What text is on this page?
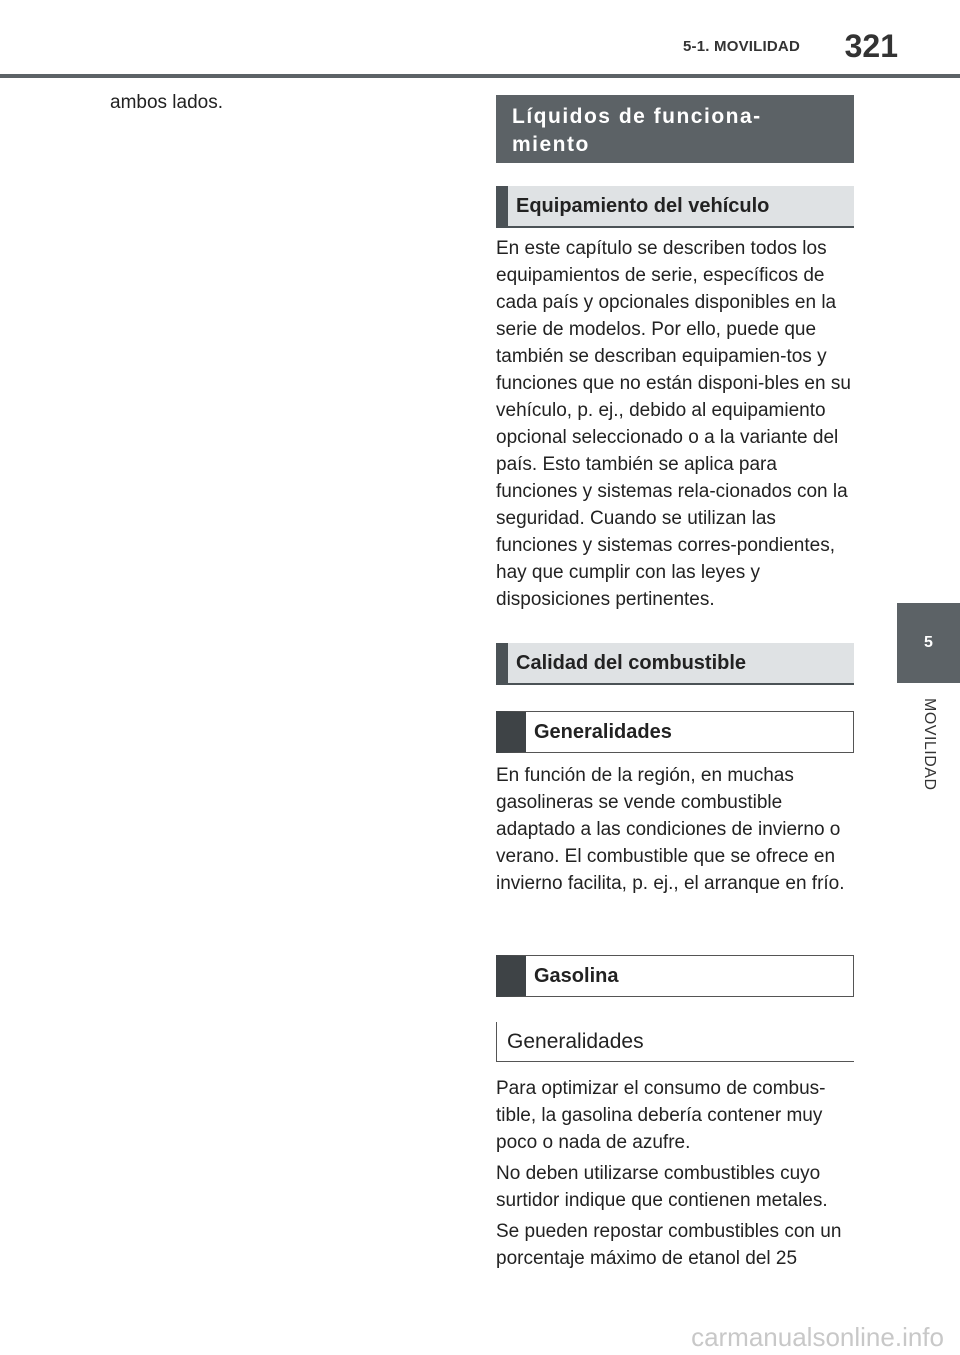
5-1. MOVILIDAD	321
5
MOVILIDAD
ambos lados.
Líquidos de funciona-
miento
Equipamiento del vehículo

En este capítulo se describen todos los equipamientos de serie, específicos de cada país y opcionales disponibles en la serie de modelos. Por ello, puede que también se describan equipamien-tos y funciones que no están disponi-bles en su vehículo, p. ej., debido al equipamiento opcional seleccionado o a la variante del país. Esto también se aplica para funciones y sistemas rela-cionados con la seguridad. Cuando se utilizan las funciones y sistemas corres-pondientes, hay que cumplir con las leyes y disposiciones pertinentes.

Calidad del combustible
Generalidades

En función de la región, en muchas gasolineras se vende combustible adaptado a las condiciones de invierno o verano. El combustible que se ofrece en invierno facilita, p. ej., el arranque en frío.

Gasolina
Generalidades

Para optimizar el consumo de combus-tible, la gasolina debería contener muy poco o nada de azufre.

No deben utilizarse combustibles cuyo surtidor indique que contienen metales.

Se pueden repostar combustibles con un porcentaje máximo de etanol del 25

carmanualsonline.info
